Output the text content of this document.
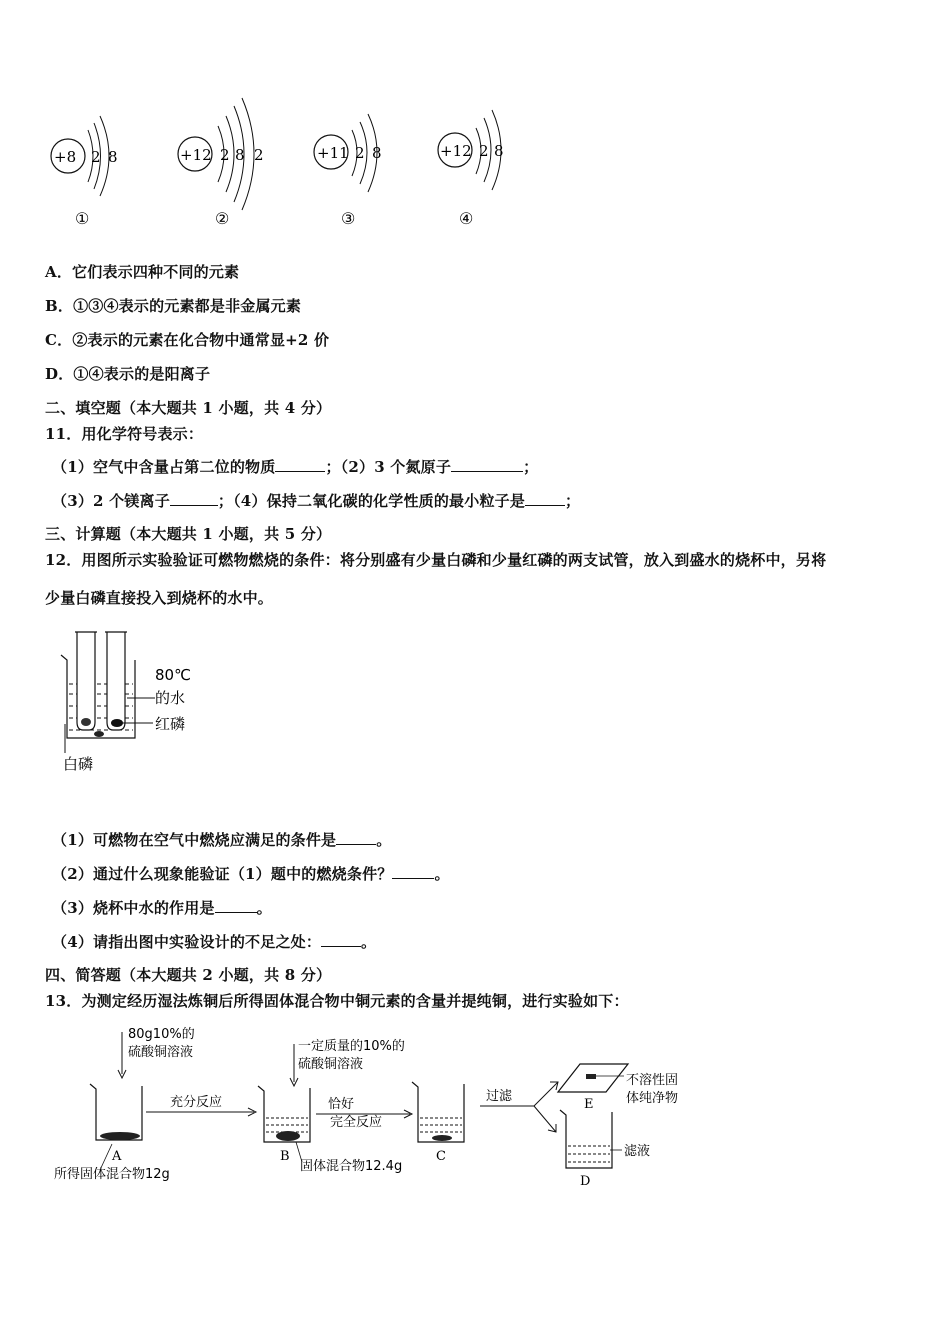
+8 2 8
①
+12 2 8 2
②
+11 2 8
③
+12 2 8
④
A．它们表示四种不同的元素
B．①③④表示的元素都是非金属元素
C．②表示的元素在化合物中通常显+2 价
D．①④表示的是阳离子
二、填空题（本大题共 1 小题，共 4 分）
11．用化学符号表示：
（1）空气中含量占第二位的物质	；（2）3 个氮原子	；
（3）2 个镁离子	；（4）保持二氧化碳的化学性质的最小粒子是	；
三、计算题（本大题共 1 小题，共 5 分）
12．用图所示实验验证可燃物燃烧的条件：将分别盛有少量白磷和少量红磷的两支试管，放入到盛水的烧杯中，另将
少量白磷直接投入到烧杯的水中。
80℃
的水
红磷
白磷
（1）可燃物在空气中燃烧应满足的条件是	。
（2）通过什么现象能验证（1）题中的燃烧条件？	。
（3）烧杯中水的作用是	。
（4）请指出图中实验设计的不足之处：	。
四、简答题（本大题共 2 小题，共 8 分）
13．为测定经历湿法炼铜后所得固体混合物中铜元素的含量并提纯铜，进行实验如下：
80g10%的
硫酸铜溶液
A
所得固体混合物12g
充分反应
一定质量的10%的
硫酸铜溶液
B
固体混合物12.4g
恰好
完全反应
C
过滤
E
不溶性固
体纯净物
滤液
D
